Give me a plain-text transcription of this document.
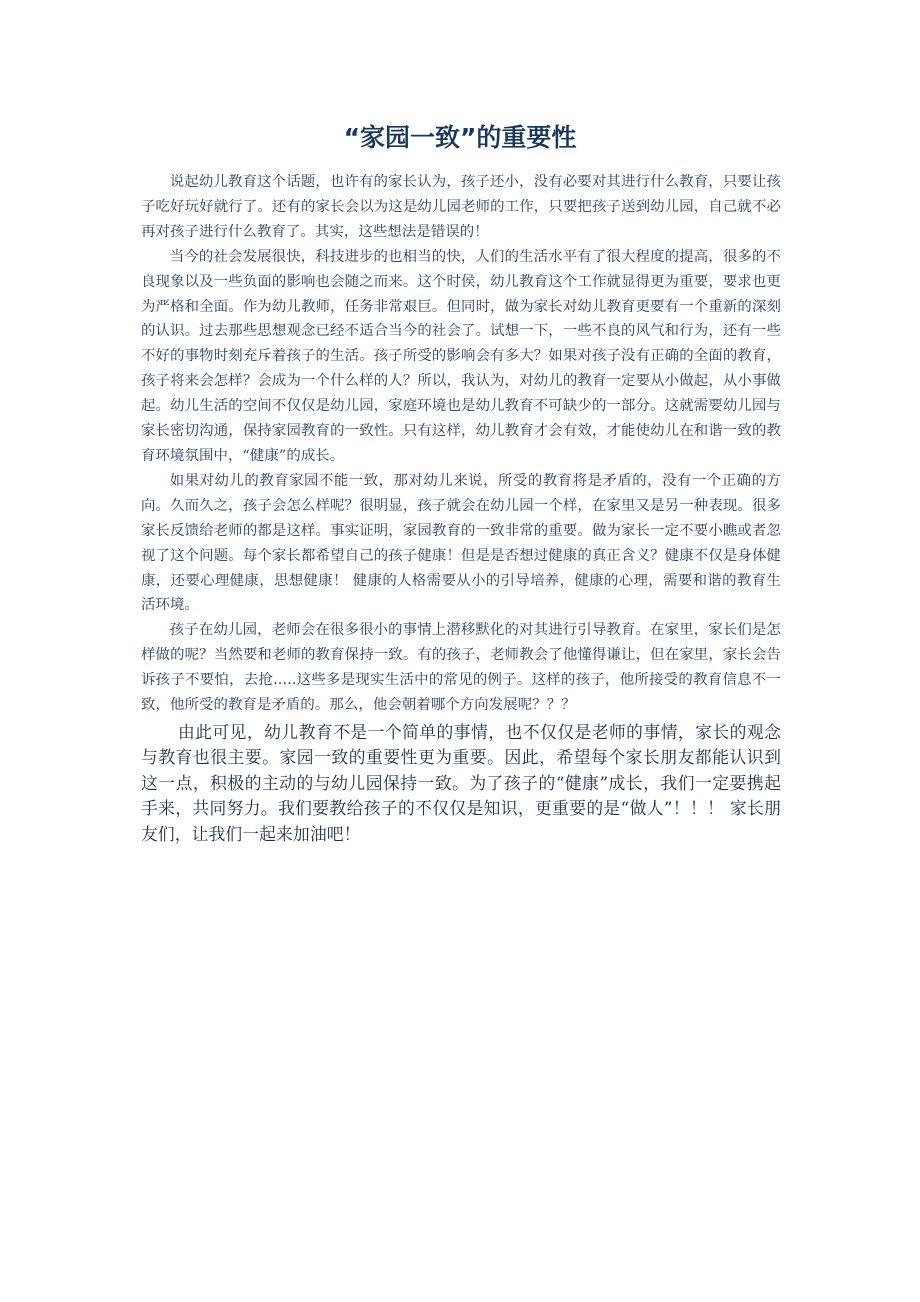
“家园一致”的重要性

说起幼儿教育这个话题，也许有的家长认为，孩子还小，没有必要对其进行什么教育，只要让孩子吃好玩好就行了。还有的家长会以为这是幼儿园老师的工作，只要把孩子送到幼儿园，自己就不必再对孩子进行什么教育了。其实，这些想法是错误的！

当今的社会发展很快，科技进步的也相当的快，人们的生活水平有了很大程度的提高，很多的不良现象以及一些负面的影响也会随之而来。这个时侯，幼儿教育这个工作就显得更为重要，要求也更为严格和全面。作为幼儿教师，任务非常艰巨。但同时，做为家长对幼儿教育更要有一个重新的深刻的认识。过去那些思想观念已经不适合当今的社会了。试想一下，一些不良的风气和行为，还有一些不好的事物时刻充斥着孩子的生活。孩子所受的影响会有多大？如果对孩子没有正确的全面的教育，孩子将来会怎样？会成为一个什么样的人？所以，我认为，对幼儿的教育一定要从小做起，从小事做起。幼儿生活的空间不仅仅是幼儿园，家庭环境也是幼儿教育不可缺少的一部分。这就需要幼儿园与家长密切沟通，保持家园教育的一致性。只有这样，幼儿教育才会有效，才能使幼儿在和谐一致的教育环境氛围中，“健康”的成长。

如果对幼儿的教育家园不能一致，那对幼儿来说，所受的教育将是矛盾的，没有一个正确的方向。久而久之，孩子会怎么样呢？很明显，孩子就会在幼儿园一个样，在家里又是另一种表现。很多家长反馈给老师的都是这样。事实证明，家园教育的一致非常的重要。做为家长一定不要小瞧或者忽视了这个问题。每个家长都希望自己的孩子健康！但是是否想过健康的真正含义？健康不仅是身体健康，还要心理健康，思想健康！ 健康的人格需要从小的引导培养，健康的心理，需要和谐的教育生活环境。

孩子在幼儿园，老师会在很多很小的事情上潜移默化的对其进行引导教育。在家里，家长们是怎样做的呢？当然要和老师的教育保持一致。有的孩子，老师教会了他懂得谦让，但在家里，家长会告诉孩子不要怕，去抢.....这些多是现实生活中的常见的例子。这样的孩子，他所接受的教育信息不一致，他所受的教育是矛盾的。那么，他会朝着哪个方向发展呢？？？

由此可见，幼儿教育不是一个简单的事情，也不仅仅是老师的事情，家长的观念与教育也很主要。家园一致的重要性更为重要。因此，希望每个家长朋友都能认识到这一点，积极的主动的与幼儿园保持一致。为了孩子的“健康”成长，我们一定要携起手来，共同努力。我们要教给孩子的不仅仅是知识，更重要的是“做人”！！！ 家长朋友们，让我们一起来加油吧！
